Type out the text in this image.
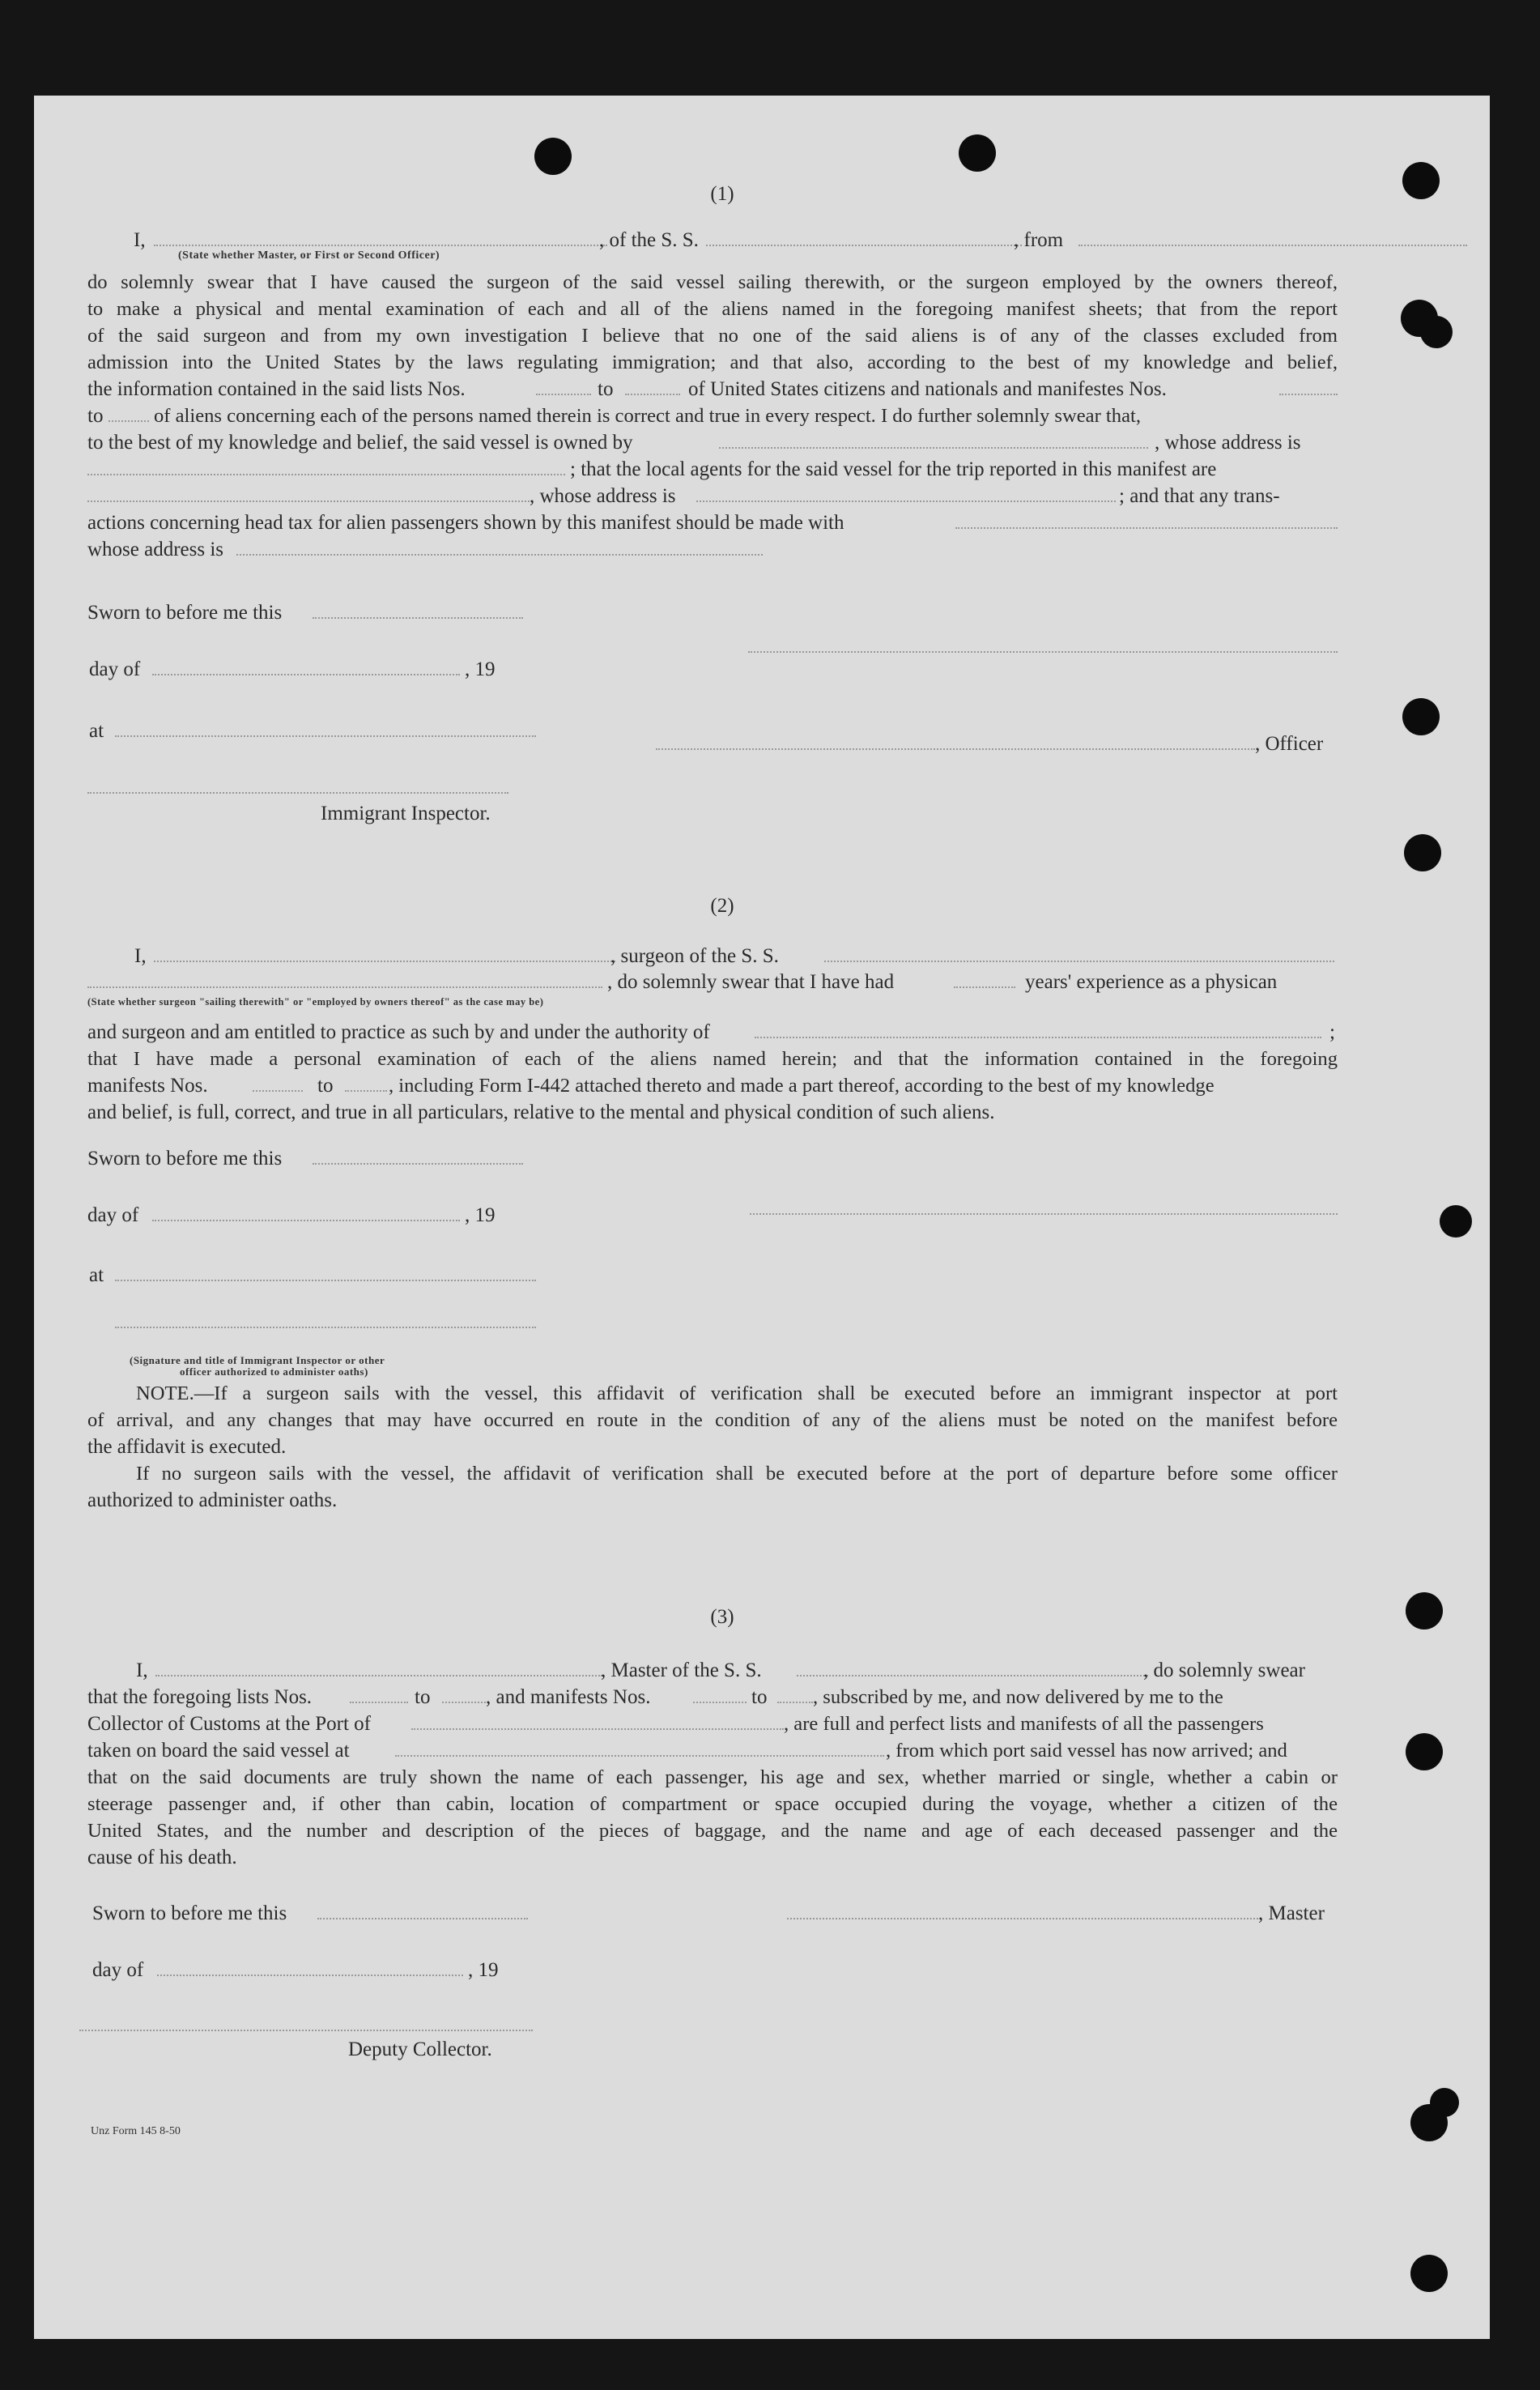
(1)
I,	, of the S. S.	, from
(State whether Master, or First or Second Officer)
do solemnly swear that I have caused the surgeon of the said vessel sailing therewith, or the surgeon employed by the owners thereof,
to make a physical and mental examination of each and all of the aliens named in the foregoing manifest sheets; that from the report
of the said surgeon and from my own investigation I believe that no one of the said aliens is of any of the classes excluded from
admission into the United States by the laws regulating immigration; and that also, according to the best of my knowledge and belief,
the information contained in the said lists Nos.	to	of United States citizens and nationals and manifestes Nos.
to	of aliens concerning each of the persons named therein is correct and true in every respect. I do further solemnly swear that,
to the best of my knowledge and belief, the said vessel is owned by	, whose address is
; that the local agents for the said vessel for the trip reported in this manifest are
, whose address is	; and that any trans-
actions concerning head tax for alien passengers shown by this manifest should be made with
whose address is
Sworn to before me this
day of	, 19
at
, Officer
Immigrant Inspector.
(2)
I,	, surgeon of the S. S.
, do solemnly swear that I have had	years' experience as a physican
(State whether surgeon "sailing therewith" or "employed by owners thereof" as the case may be)
and surgeon and am entitled to practice as such by and under the authority of	;
that I have made a personal examination of each of the aliens named herein; and that the information contained in the foregoing
manifests Nos.	to	, including Form I-442 attached thereto and made a part thereof, according to the best of my knowledge
and belief, is full, correct, and true in all particulars, relative to the mental and physical condition of such aliens.
Sworn to before me this
day of	, 19
at
(Signature and title of Immigrant Inspector or other
officer authorized to administer oaths)
NOTE.—If a surgeon sails with the vessel, this affidavit of verification shall be executed before an immigrant inspector at port
of arrival, and any changes that may have occurred en route in the condition of any of the aliens must be noted on the manifest before
the affidavit is executed.
If no surgeon sails with the vessel, the affidavit of verification shall be executed before at the port of departure before some officer
authorized to administer oaths.
(3)
I,	, Master of the S. S.	, do solemnly swear
that the foregoing lists Nos.	to	, and manifests Nos.	to , subscribed by me, and now delivered by me to the
Collector of Customs at the Port of	, are full and perfect lists and manifests of all the passengers
taken on board the said vessel at	, from which port said vessel has now arrived; and
that on the said documents are truly shown the name of each passenger, his age and sex, whether married or single, whether a cabin or
steerage passenger and, if other than cabin, location of compartment or space occupied during the voyage, whether a citizen of the
United States, and the number and description of the pieces of baggage, and the name and age of each deceased passenger and the
cause of his death.
Sworn to before me this	, Master
day of	, 19
Deputy Collector.
Unz Form 145 8-50
